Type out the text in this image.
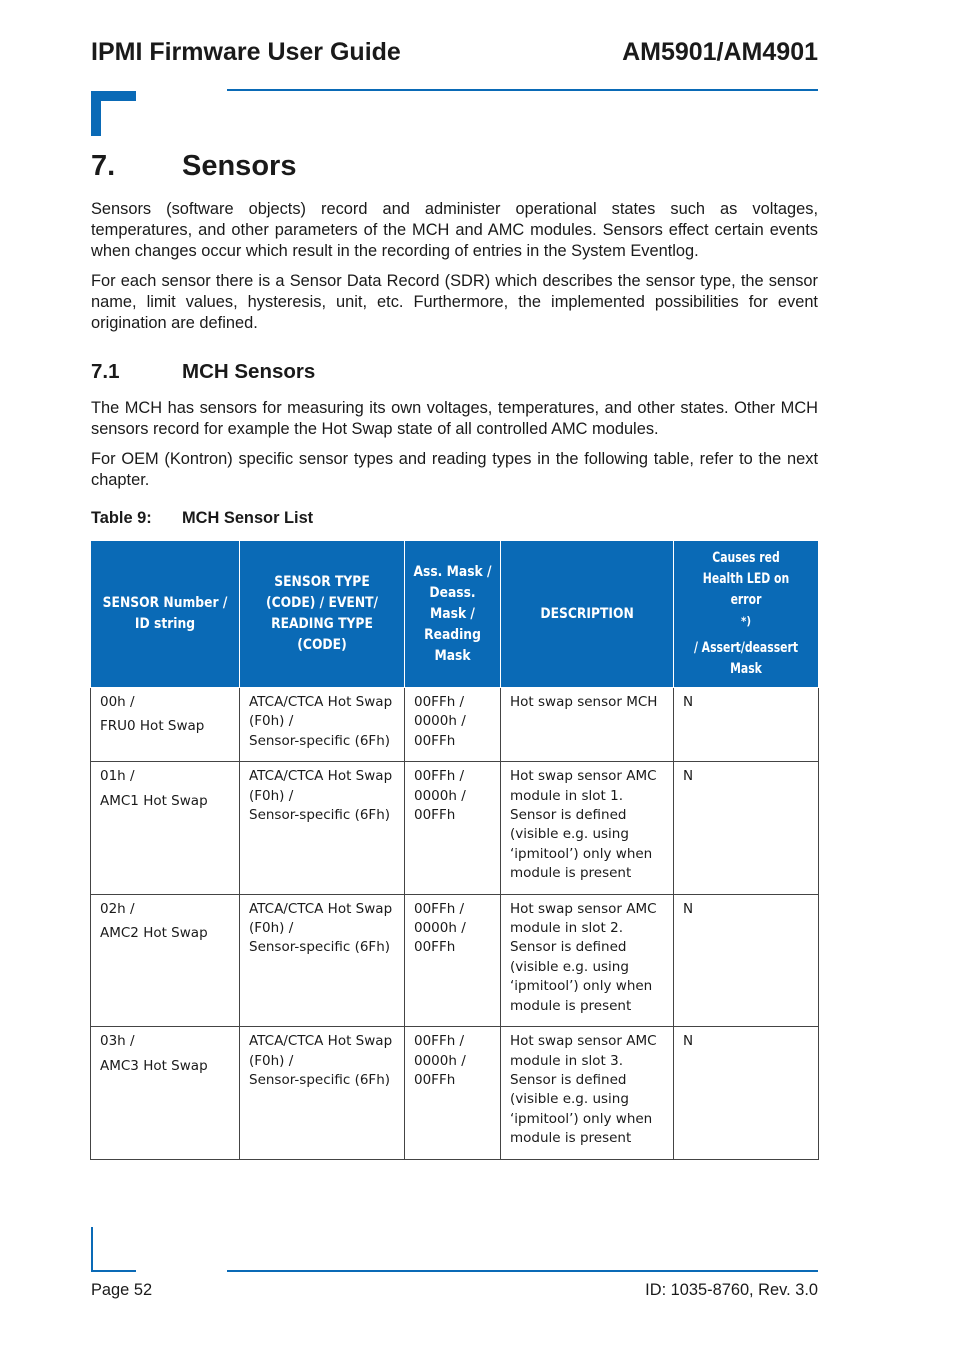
IPMI Firmware User Guide	AM5901/AM4901
7. Sensors
Sensors (software objects) record and administer operational states such as voltages, temperatures, and other parameters of the MCH and AMC modules. Sensors effect certain events when changes occur which result in the recording of entries in the System Eventlog.
For each sensor there is a Sensor Data Record (SDR) which describes the sensor type, the sensor name, limit values, hysteresis, unit, etc. Furthermore, the implemented possibilities for event origination are defined.
7.1	MCH Sensors
The MCH has sensors for measuring its own voltages, temperatures, and other states. Other MCH sensors record for example the Hot Swap state of all controlled AMC modules.
For OEM (Kontron) specific sensor types and reading types in the following table, refer to the next chapter.
Table 9: MCH Sensor List
SENSOR Number / ID string	SENSOR TYPE (CODE) / EVENT/ READING TYPE (CODE)	Ass. Mask / Deass. Mask / Reading Mask	DESCRIPTION	Causes red Health LED on error *) / Assert/deassert Mask

00h /
FRU0 Hot Swap	ATCA/CTCA Hot Swap
(F0h) /
Sensor-specific (6Fh)	00FFh /
0000h /
00FFh	Hot swap sensor MCH	N

01h /
AMC1 Hot Swap	ATCA/CTCA Hot Swap
(F0h) /
Sensor-specific (6Fh)	00FFh /
0000h /
00FFh	Hot swap sensor AMC module in slot 1. Sensor is defined (visible e.g. using ‘ipmitool’) only when module is present	N

02h /
AMC2 Hot Swap	ATCA/CTCA Hot Swap
(F0h) /
Sensor-specific (6Fh)	00FFh /
0000h /
00FFh	Hot swap sensor AMC module in slot 2. Sensor is defined (visible e.g. using ‘ipmitool’) only when module is present	N

03h /
AMC3 Hot Swap	ATCA/CTCA Hot Swap
(F0h) /
Sensor-specific (6Fh)	00FFh /
0000h /
00FFh	Hot swap sensor AMC module in slot 3. Sensor is defined (visible e.g. using ‘ipmitool’) only when module is present	N
Page 52	ID: 1035-8760, Rev. 3.0
